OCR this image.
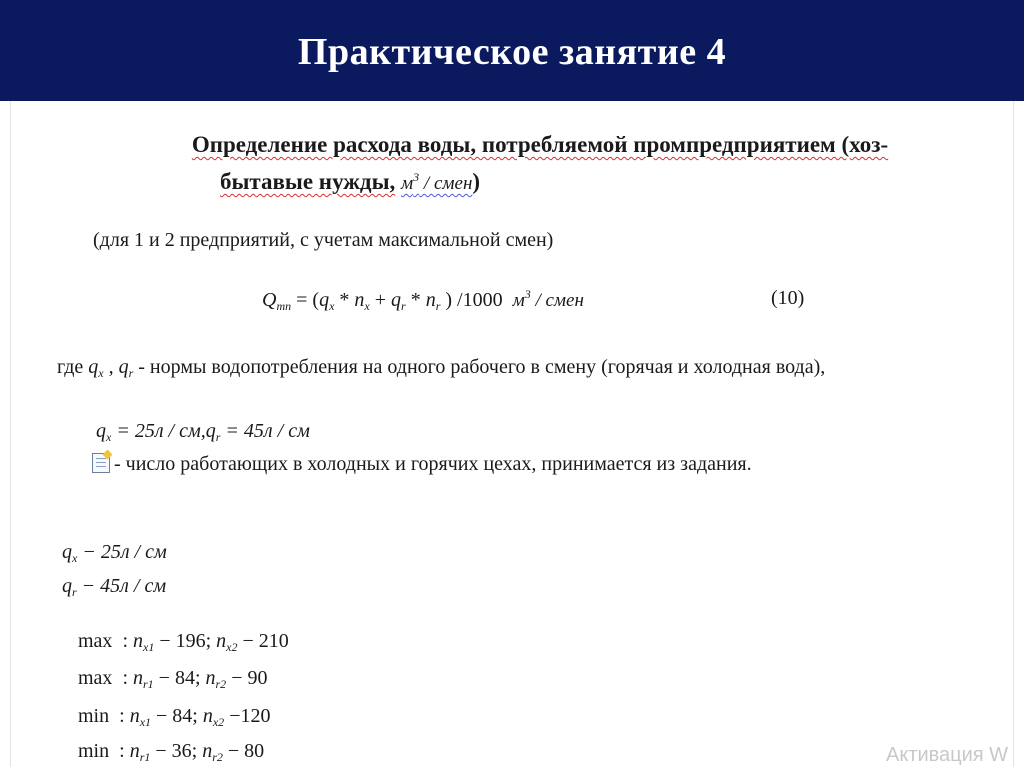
Практическое занятие 4
Определение расхода воды, потребляемой промпредприятием (хоз-
бытавые нужды, $м^3$ / смен)
(для 1 и 2 предприятий, с учетам максимальной смен)
$Q_{mn} = (q_x * n_x + q_r * n_r$ ) /1000 $м^3$ / смен	(10)
где $q_x$ , $q_r$ - нормы водопотребления на одного рабочего в смену (горячая и холодная вода),
$q_x = 25л / см,q_r = 45л$ / см
- число работающих в холодных и горячих цехах, принимается из задания.
$q_x - 25л$ / см
$q_r - 45л$ / см
max  : $n_{x1} - 196$; $n_{x2} - 210$
max  : $n_{r1} - 84$; $n_{r2} - 90$
min  : $n_{x1} - 84$; $n_{x2} -120$
min  : $n_{r1} - 36$; $n_{r2} - 80$	Активация W
